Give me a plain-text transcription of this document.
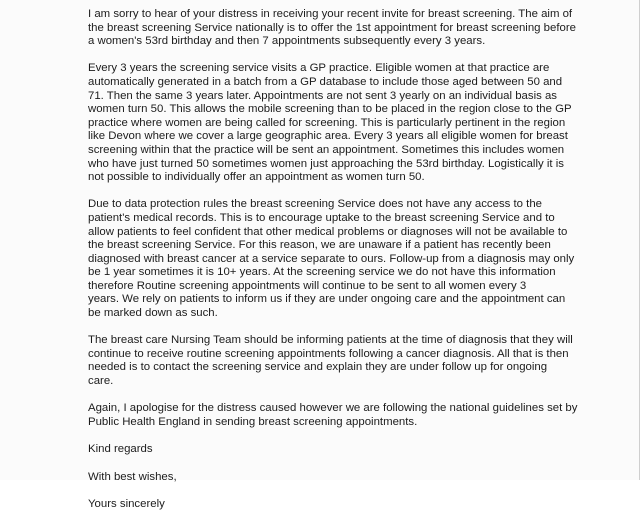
I am sorry to hear of your distress in receiving your recent invite for breast screening. The aim of
the breast screening Service nationally is to offer the 1st appointment for breast screening before
a women's 53rd birthday and then 7 appointments subsequently every 3 years.

Every 3 years the screening service visits a GP practice. Eligible women at that practice are
automatically generated in a batch from a GP database to include those aged between 50 and
71. Then the same 3 years later. Appointments are not sent 3 yearly on an individual basis as
women turn 50. This allows the mobile screening than to be placed in the region close to the GP
practice where women are being called for screening. This is particularly pertinent in the region
like Devon where we cover a large geographic area. Every 3 years all eligible women for breast
screening within that the practice will be sent an appointment. Sometimes this includes women
who have just turned 50 sometimes women just approaching the 53rd birthday. Logistically it is
not possible to individually offer an appointment as women turn 50.

Due to data protection rules the breast screening Service does not have any access to the
patient's medical records. This is to encourage uptake to the breast screening Service and to
allow patients to feel confident that other medical problems or diagnoses will not be available to
the breast screening Service. For this reason, we are unaware if a patient has recently been
diagnosed with breast cancer at a service separate to ours. Follow-up from a diagnosis may only
be 1 year sometimes it is 10+ years. At the screening service we do not have this information
therefore Routine screening appointments will continue to be sent to all women every 3
years. We rely on patients to inform us if they are under ongoing care and the appointment can
be marked down as such.

The breast care Nursing Team should be informing patients at the time of diagnosis that they will
continue to receive routine screening appointments following a cancer diagnosis. All that is then
needed is to contact the screening service and explain they are under follow up for ongoing
care.

Again, I apologise for the distress caused however we are following the national guidelines set by
Public Health England in sending breast screening appointments.

Kind regards

With best wishes,

Yours sincerely
